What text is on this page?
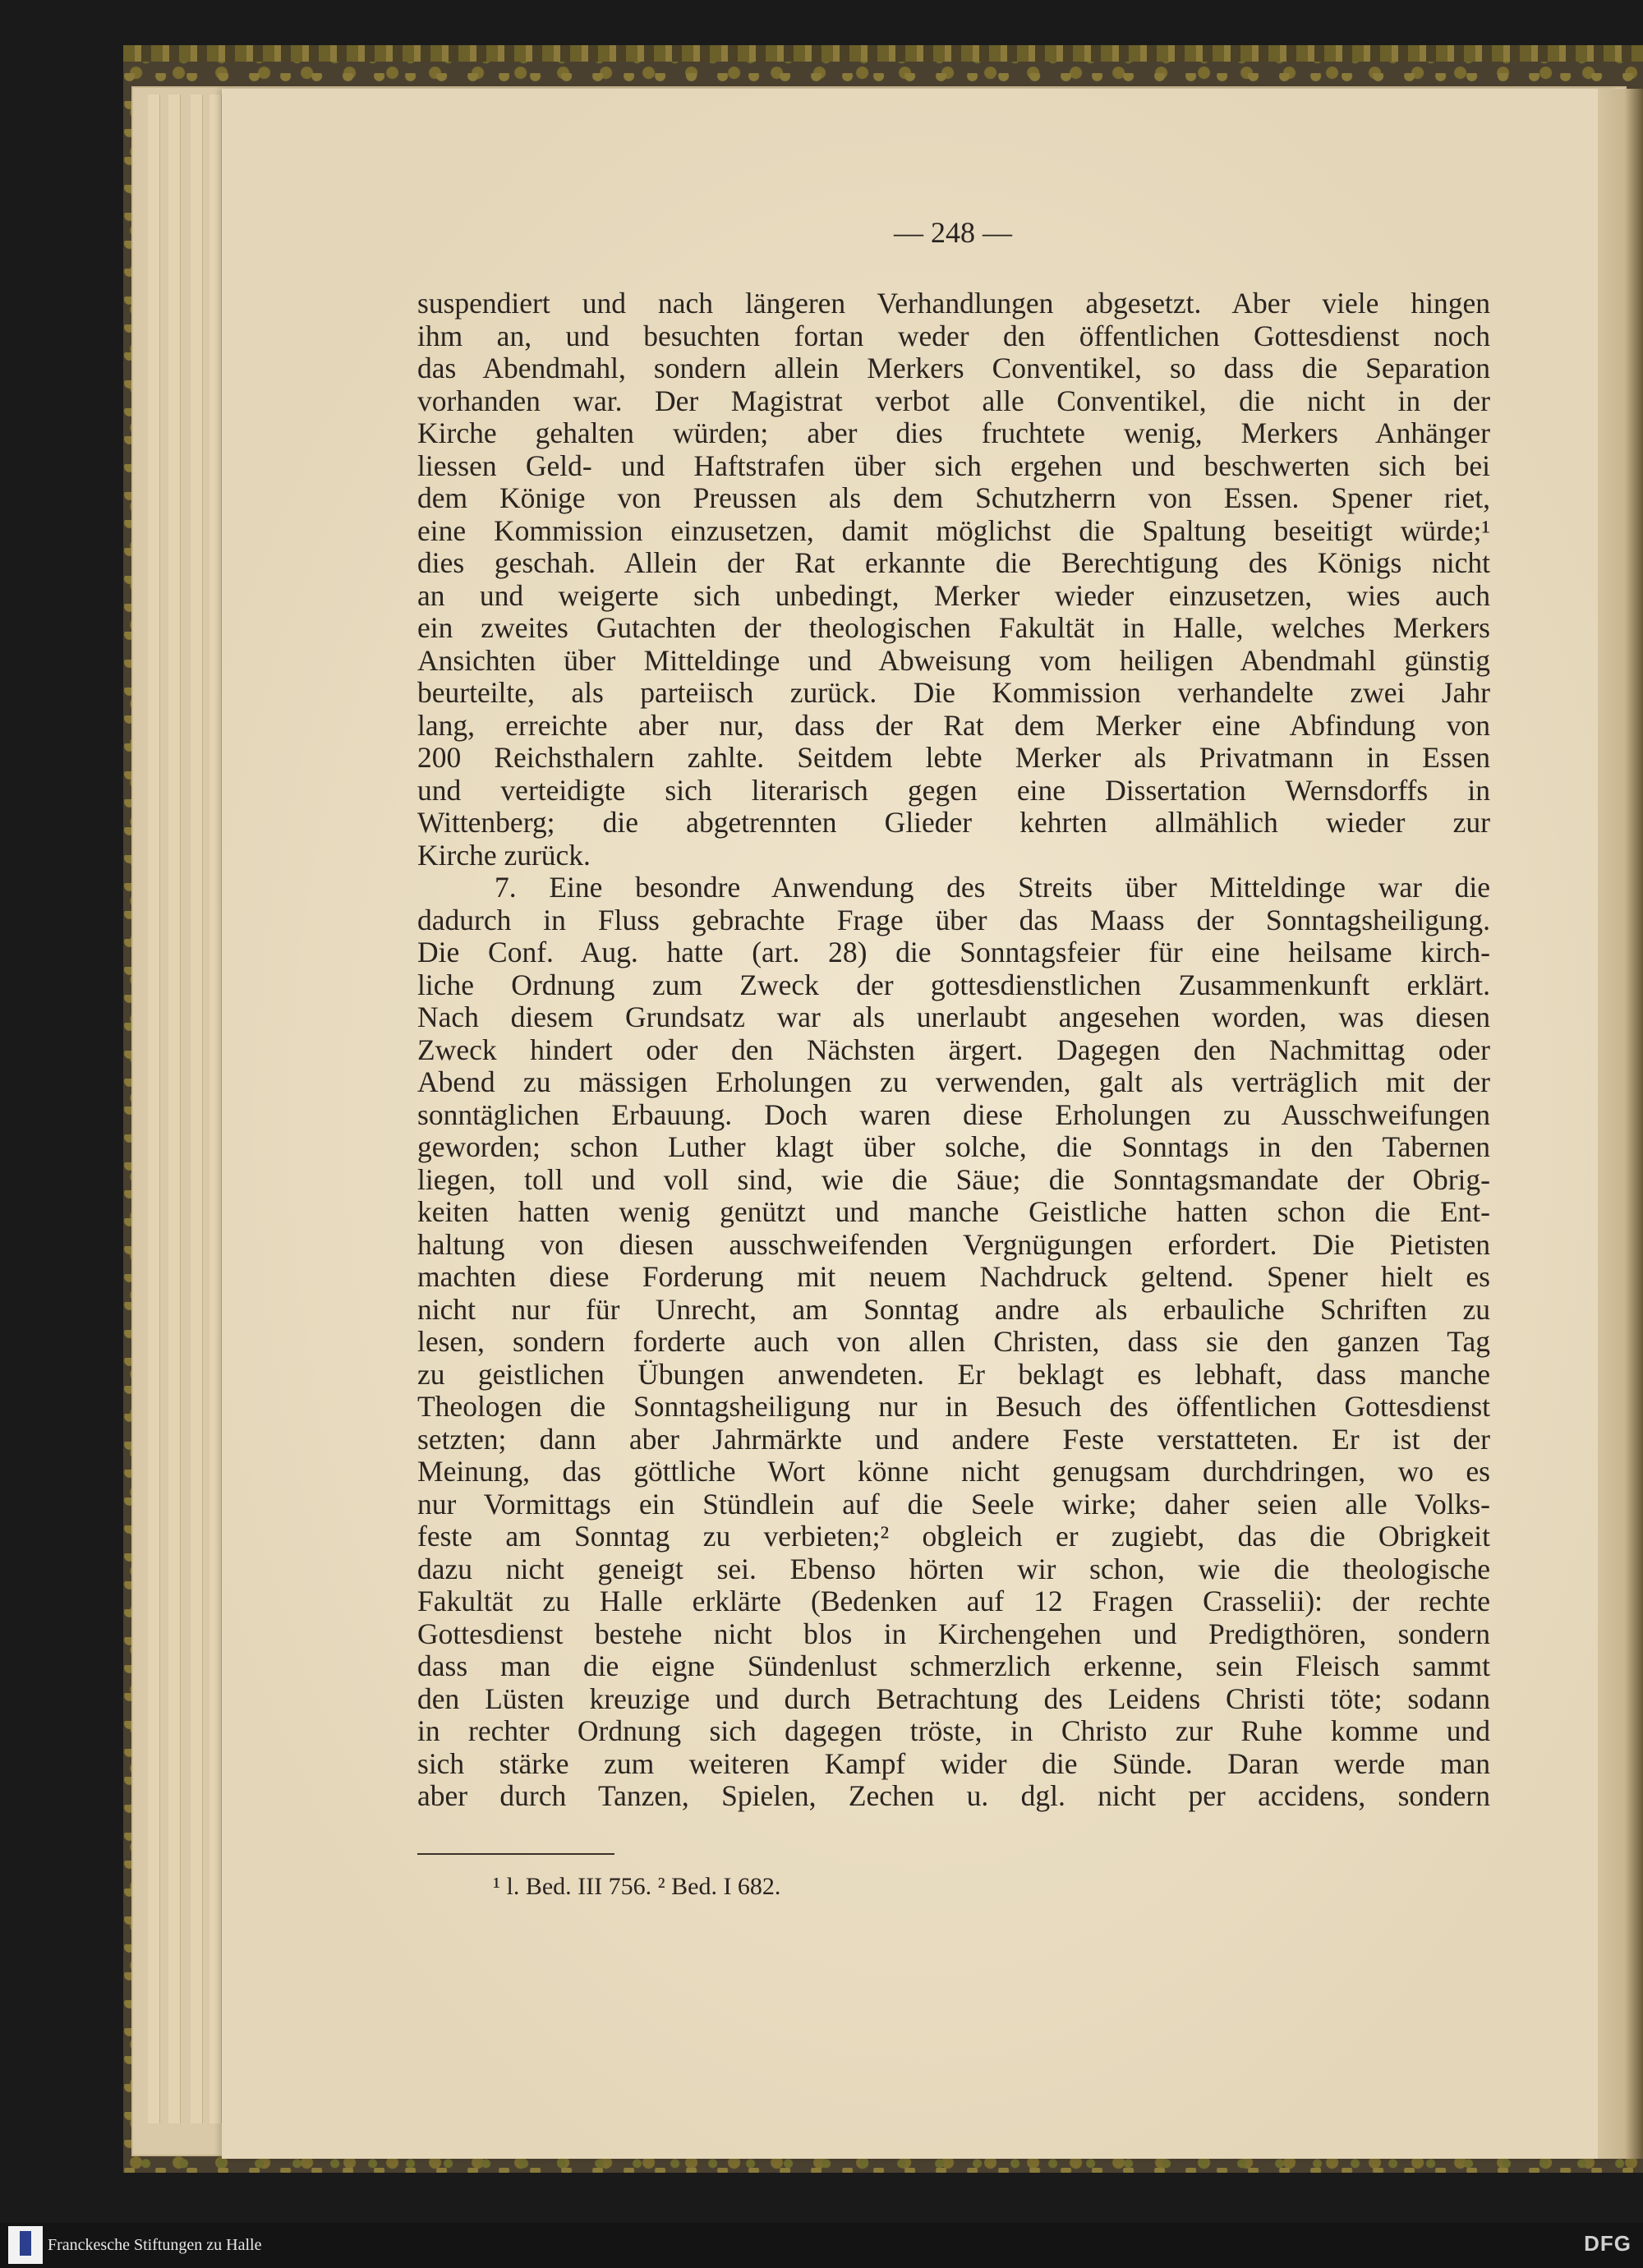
— 248 —
suspendiert und nach längeren Verhandlungen abgesetzt. Aber viele hingen
ihm an, und besuchten fortan weder den öffentlichen Gottesdienst noch
das Abendmahl, sondern allein Merkers Conventikel, so dass die Separation
vorhanden war. Der Magistrat verbot alle Conventikel, die nicht in der
Kirche gehalten würden; aber dies fruchtete wenig, Merkers Anhänger
liessen Geld- und Haftstrafen über sich ergehen und beschwerten sich bei
dem Könige von Preussen als dem Schutzherrn von Essen. Spener riet,
eine Kommission einzusetzen, damit möglichst die Spaltung beseitigt würde;¹
dies geschah. Allein der Rat erkannte die Berechtigung des Königs nicht
an und weigerte sich unbedingt, Merker wieder einzusetzen, wies auch
ein zweites Gutachten der theologischen Fakultät in Halle, welches Merkers
Ansichten über Mitteldinge und Abweisung vom heiligen Abendmahl günstig
beurteilte, als parteiisch zurück. Die Kommission verhandelte zwei Jahr
lang, erreichte aber nur, dass der Rat dem Merker eine Abfindung von
200 Reichsthalern zahlte. Seitdem lebte Merker als Privatmann in Essen
und verteidigte sich literarisch gegen eine Dissertation Wernsdorffs in
Wittenberg; die abgetrennten Glieder kehrten allmählich wieder zur
Kirche zurück.
7. Eine besondre Anwendung des Streits über Mitteldinge war die
dadurch in Fluss gebrachte Frage über das Maass der Sonntagsheiligung.
Die Conf. Aug. hatte (art. 28) die Sonntagsfeier für eine heilsame kirch-
liche Ordnung zum Zweck der gottesdienstlichen Zusammenkunft erklärt.
Nach diesem Grundsatz war als unerlaubt angesehen worden, was diesen
Zweck hindert oder den Nächsten ärgert. Dagegen den Nachmittag oder
Abend zu mässigen Erholungen zu verwenden, galt als verträglich mit der
sonntäglichen Erbauung. Doch waren diese Erholungen zu Ausschweifungen
geworden; schon Luther klagt über solche, die Sonntags in den Tabernen
liegen, toll und voll sind, wie die Säue; die Sonntagsmandate der Obrig-
keiten hatten wenig genützt und manche Geistliche hatten schon die Ent-
haltung von diesen ausschweifenden Vergnügungen erfordert. Die Pietisten
machten diese Forderung mit neuem Nachdruck geltend. Spener hielt es
nicht nur für Unrecht, am Sonntag andre als erbauliche Schriften zu
lesen, sondern forderte auch von allen Christen, dass sie den ganzen Tag
zu geistlichen Übungen anwendeten. Er beklagt es lebhaft, dass manche
Theologen die Sonntagsheiligung nur in Besuch des öffentlichen Gottesdienst
setzten; dann aber Jahrmärkte und andere Feste verstatteten. Er ist der
Meinung, das göttliche Wort könne nicht genugsam durchdringen, wo es
nur Vormittags ein Stündlein auf die Seele wirke; daher seien alle Volks-
feste am Sonntag zu verbieten;² obgleich er zugiebt, das die Obrigkeit
dazu nicht geneigt sei. Ebenso hörten wir schon, wie die theologische
Fakultät zu Halle erklärte (Bedenken auf 12 Fragen Crasselii): der rechte
Gottesdienst bestehe nicht blos in Kirchengehen und Predigthören, sondern
dass man die eigne Sündenlust schmerzlich erkenne, sein Fleisch sammt
den Lüsten kreuzige und durch Betrachtung des Leidens Christi töte; sodann
in rechter Ordnung sich dagegen tröste, in Christo zur Ruhe komme und
sich stärke zum weiteren Kampf wider die Sünde. Daran werde man
aber durch Tanzen, Spielen, Zechen u. dgl. nicht per accidens, sondern
¹ l. Bed. III 756. ² Bed. I 682.
Franckesche Stiftungen zu Halle	DFG
